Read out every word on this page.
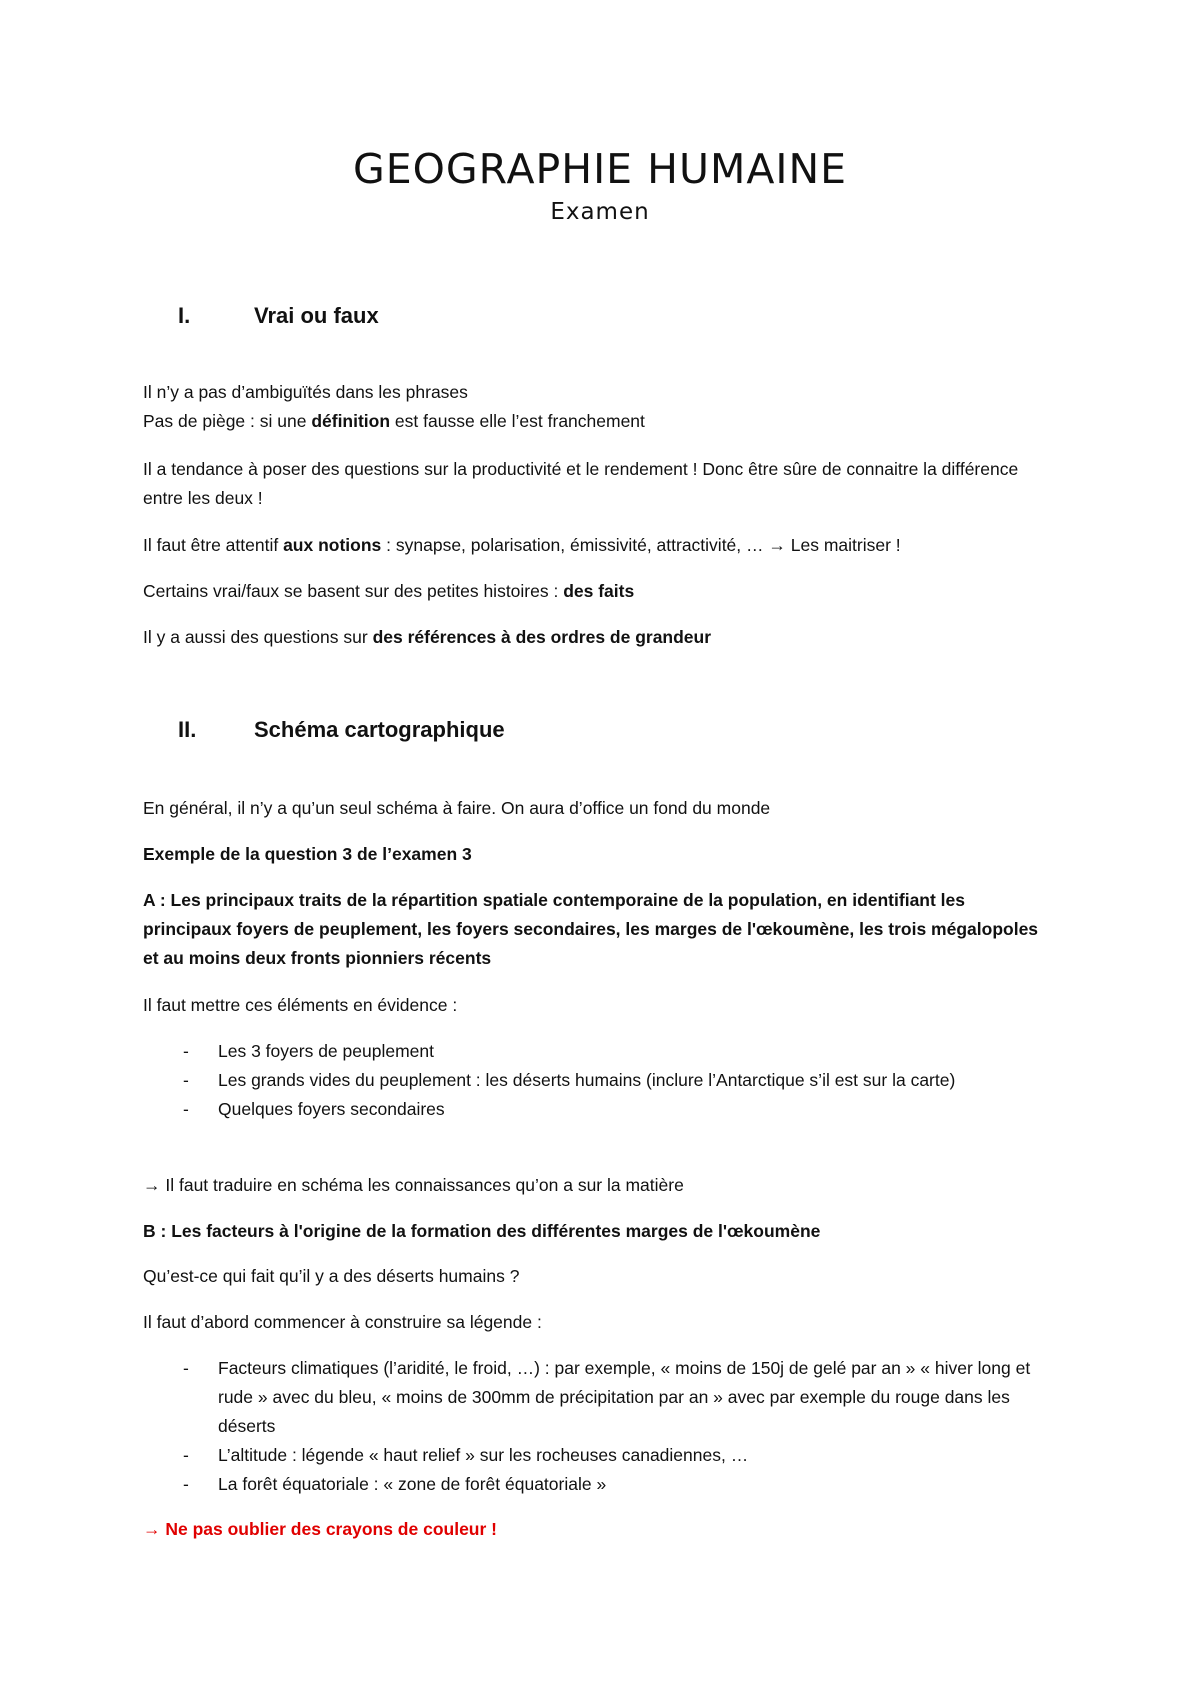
GEOGRAPHIE HUMAINE

Examen

I.	Vrai ou faux

Il n’y a pas d’ambiguïtés dans les phrases
Pas de piège : si une définition est fausse elle l’est franchement

Il a tendance à poser des questions sur la productivité et le rendement ! Donc être sûre de connaitre la différence entre les deux !

Il faut être attentif aux notions : synapse, polarisation, émissivité, attractivité, … → Les maitriser !

Certains vrai/faux se basent sur des petites histoires : des faits

Il y a aussi des questions sur des références à des ordres de grandeur

II.	Schéma cartographique

En général, il n’y a qu’un seul schéma à faire. On aura d’office un fond du monde

Exemple de la question 3 de l’examen 3

A : Les principaux traits de la répartition spatiale contemporaine de la population, en identifiant les principaux foyers de peuplement, les foyers secondaires, les marges de l'œkoumène, les trois mégalopoles et au moins deux fronts pionniers récents

Il faut mettre ces éléments en évidence :

- Les 3 foyers de peuplement
- Les grands vides du peuplement : les déserts humains (inclure l’Antarctique s’il est sur la carte)
- Quelques foyers secondaires

→ Il faut traduire en schéma les connaissances qu’on a sur la matière

B : Les facteurs à l'origine de la formation des différentes marges de l'œkoumène

Qu’est-ce qui fait qu’il y a des déserts humains ?

Il faut d’abord commencer à construire sa légende :

- Facteurs climatiques (l’aridité, le froid, …) : par exemple, « moins de 150j de gelé par an » « hiver long et rude » avec du bleu, « moins de 300mm de précipitation par an » avec par exemple du rouge dans les déserts
- L’altitude : légende « haut relief » sur les rocheuses canadiennes, …
- La forêt équatoriale : « zone de forêt équatoriale »

→ Ne pas oublier des crayons de couleur !
